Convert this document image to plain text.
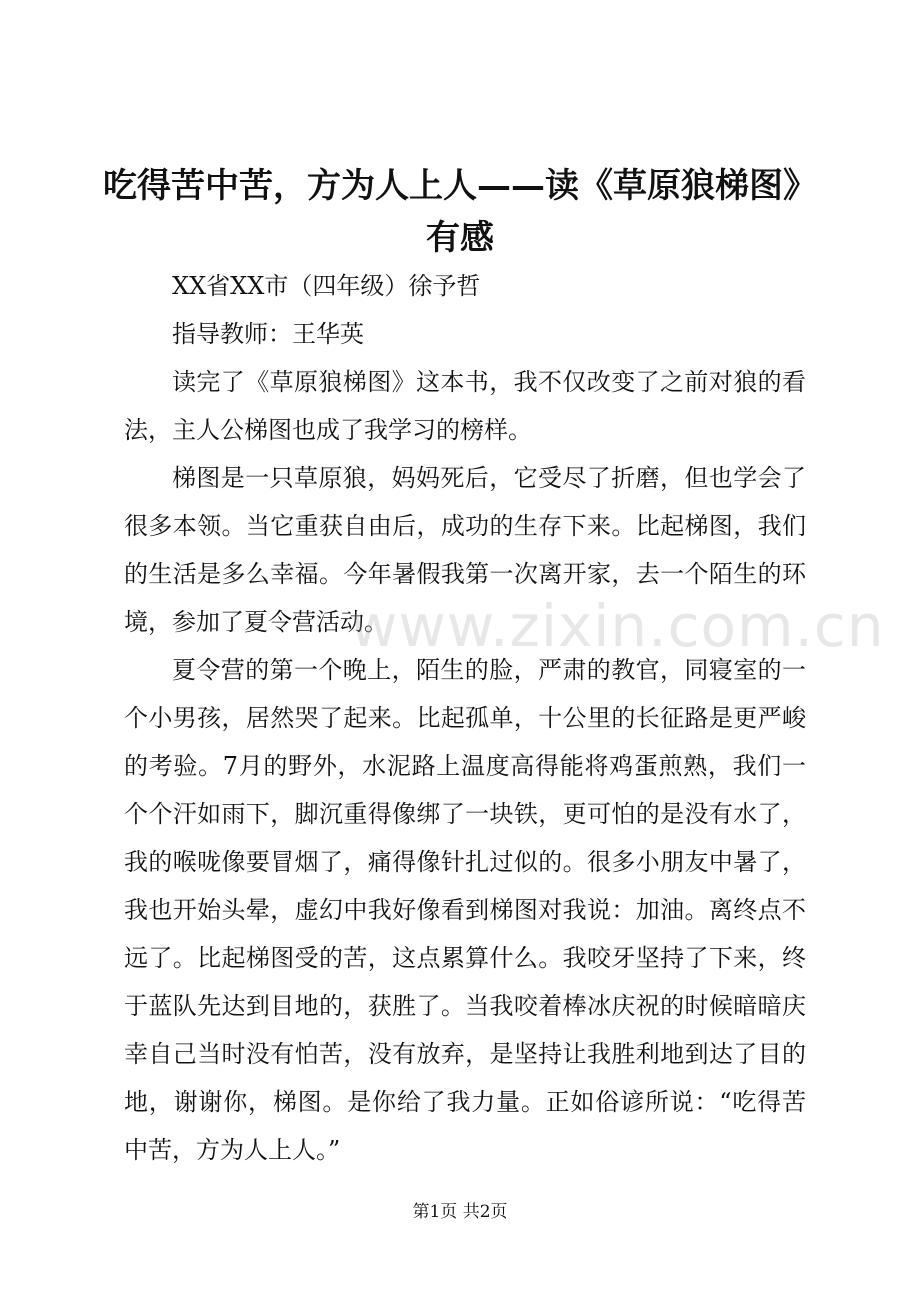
吃得苦中苦，方为人上人——读《草原狼梯图》有感

XX省XX市（四年级）徐予哲

指导教师：王华英

读完了《草原狼梯图》这本书，我不仅改变了之前对狼的看法，主人公梯图也成了我学习的榜样。

梯图是一只草原狼，妈妈死后，它受尽了折磨，但也学会了很多本领。当它重获自由后，成功的生存下来。比起梯图，我们的生活是多么幸福。今年暑假我第一次离开家，去一个陌生的环境，参加了夏令营活动。

夏令营的第一个晚上，陌生的脸，严肃的教官，同寝室的一个小男孩，居然哭了起来。比起孤单，十公里的长征路是更严峻的考验。7月的野外，水泥路上温度高得能将鸡蛋煎熟，我们一个个汗如雨下，脚沉重得像绑了一块铁，更可怕的是没有水了，我的喉咙像要冒烟了，痛得像针扎过似的。很多小朋友中暑了，我也开始头晕，虚幻中我好像看到梯图对我说：加油。离终点不远了。比起梯图受的苦，这点累算什么。我咬牙坚持了下来，终于蓝队先达到目地的，获胜了。当我咬着棒冰庆祝的时候暗暗庆幸自己当时没有怕苦，没有放弃，是坚持让我胜利地到达了目的地，谢谢你，梯图。是你给了我力量。正如俗谚所说：“吃得苦中苦，方为人上人。”

www.zixin.com.cn
第1页 共2页
